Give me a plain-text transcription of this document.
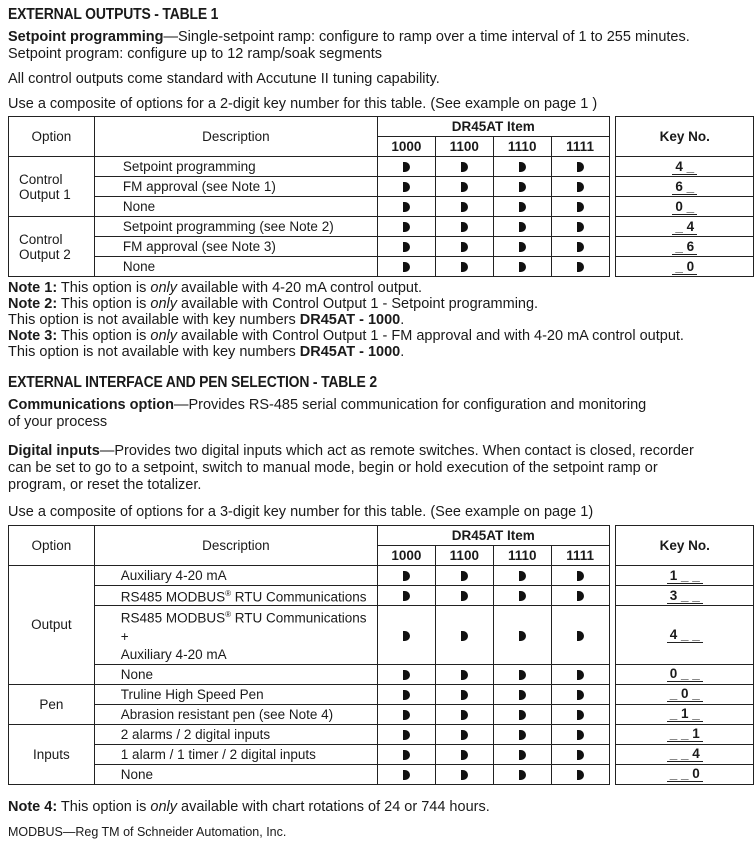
EXTERNAL OUTPUTS - TABLE 1

Setpoint programming—Single-setpoint ramp: configure to ramp over a time interval of 1 to 255 minutes.

Setpoint program: configure up to 12 ramp/soak segments

All control outputs come standard with Accutune II tuning capability.

Use a composite of options for a 2-digit key number for this table. (See example on page 1 )

Option	Description	DR45AT Item					Key No.
		1000	1100	1110	1111		
Control
Output 1	Setpoint programming						4 _
	FM approval (see Note 1)						6 _
	None						0 _
Control
Output 2	Setpoint programming (see Note 2)						_ 4
	FM approval (see Note 3)						_ 6
	None						_ 0

Note 1: This option is only available with 4-20 mA control output.

Note 2: This option is only available with Control Output 1 - Setpoint programming.

This option is not available with key numbers DR45AT - 1000.

Note 3: This option is only available with Control Output 1 - FM approval and with 4-20 mA control output.

This option is not available with key numbers DR45AT - 1000.

EXTERNAL INTERFACE AND PEN SELECTION - TABLE 2

Communications option—Provides RS-485 serial communication for configuration and monitoring

of your process

Digital inputs—Provides two digital inputs which act as remote switches. When contact is closed, recorder

can be set to go to a setpoint, switch to manual mode, begin or hold execution of the setpoint ramp or

program, or reset the totalizer.

Use a composite of options for a 3-digit key number for this table. (See example on page 1)

Option	Description	DR45AT Item					Key No.
		1000	1100	1110	1111		
Output	Auxiliary 4-20 mA						1 _ _
	RS485 MODBUS® RTU Communications						3 _ _
	RS485 MODBUS® RTU Communications +
Auxiliary 4-20 mA						4 _ _
	None						0 _ _
Pen	Truline High Speed Pen						_ 0 _
	Abrasion resistant pen (see Note 4)						_ 1 _
Inputs	2 alarms / 2 digital inputs						_ _ 1
	1 alarm / 1 timer / 2 digital inputs						_ _ 4
	None						_ _ 0

Note 4: This option is only available with chart rotations of 24 or 744 hours.

MODBUS—Reg TM of Schneider Automation, Inc.
